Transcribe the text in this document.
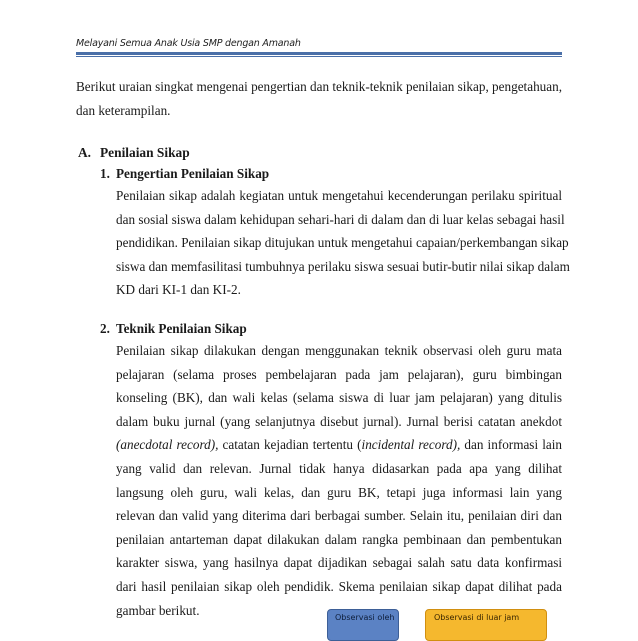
Melayani Semua Anak Usia SMP dengan Amanah
Berikut uraian singkat mengenai pengertian dan teknik-teknik penilaian sikap, pengetahuan,
dan keterampilan.
A. Penilaian Sikap
1. Pengertian Penilaian Sikap
Penilaian sikap adalah kegiatan untuk mengetahui kecenderungan perilaku spiritual
dan sosial siswa dalam kehidupan sehari-hari di dalam dan di luar kelas sebagai hasil
pendidikan. Penilaian sikap ditujukan untuk mengetahui capaian/perkembangan sikap
siswa dan memfasilitasi tumbuhnya perilaku siswa sesuai butir-butir nilai sikap dalam
KD dari KI-1 dan KI-2.
2. Teknik Penilaian Sikap
Penilaian sikap dilakukan dengan menggunakan teknik observasi oleh guru mata
pelajaran (selama proses pembelajaran pada jam pelajaran), guru bimbingan
konseling (BK), dan wali kelas (selama siswa di luar jam pelajaran) yang ditulis
dalam buku jurnal (yang selanjutnya disebut jurnal). Jurnal berisi catatan anekdot
(anecdotal record), catatan kejadian tertentu (incidental record), dan informasi lain
yang valid dan relevan. Jurnal tidak hanya didasarkan pada apa yang dilihat
langsung oleh guru, wali kelas, dan guru BK, tetapi juga informasi lain yang
relevan dan valid yang diterima dari berbagai sumber. Selain itu, penilaian diri dan
penilaian antarteman dapat dilakukan dalam rangka pembinaan dan pembentukan
karakter siswa, yang hasilnya dapat dijadikan sebagai salah satu data konfirmasi
dari hasil penilaian sikap oleh pendidik. Skema penilaian sikap dapat dilihat pada
gambar berikut.	Observasi oleh	Observasi di luar jam
